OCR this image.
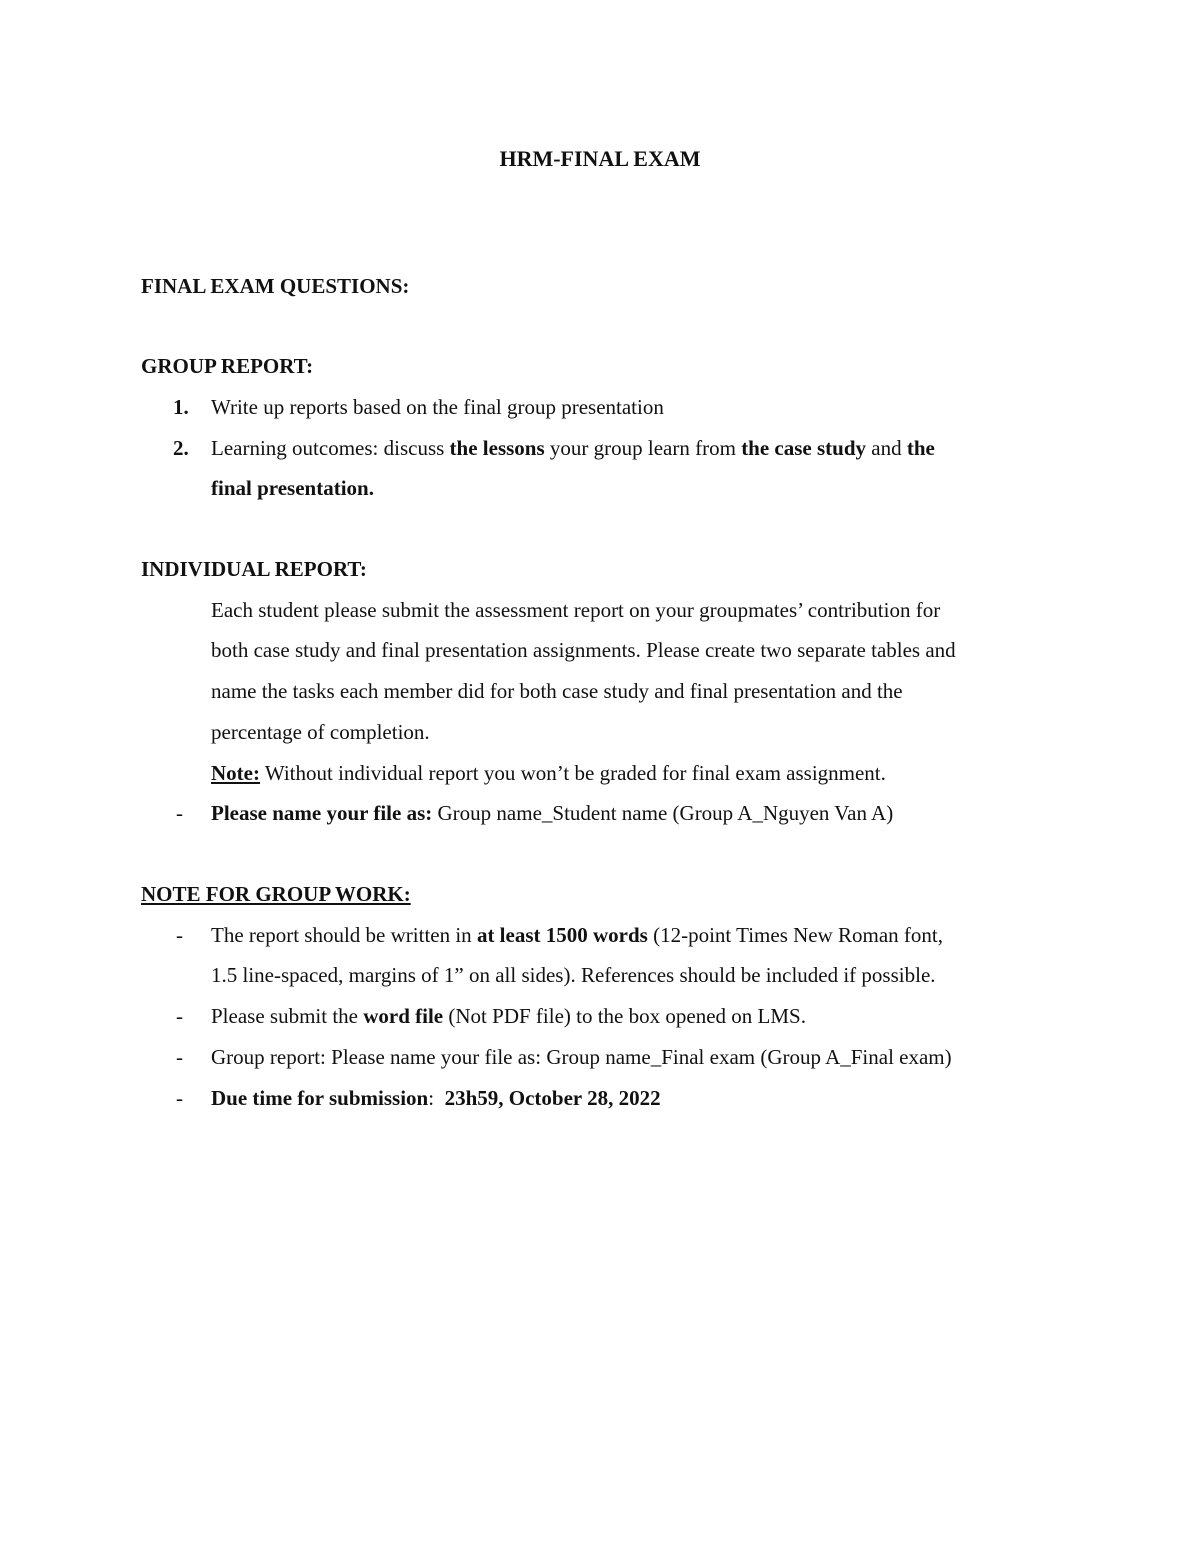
HRM-FINAL EXAM
FINAL EXAM QUESTIONS:
GROUP REPORT:
1. Write up reports based on the final group presentation
2. Learning outcomes: discuss the lessons your group learn from the case study and the
final presentation.
INDIVIDUAL REPORT:
Each student please submit the assessment report on your groupmates’ contribution for
both case study and final presentation assignments. Please create two separate tables and
name the tasks each member did for both case study and final presentation and the
percentage of completion.
Note: Without individual report you won’t be graded for final exam assignment.
- Please name your file as: Group name_Student name (Group A_Nguyen Van A)
NOTE FOR GROUP WORK:
- The report should be written in at least 1500 words (12-point Times New Roman font,
1.5 line-spaced, margins of 1” on all sides). References should be included if possible.
- Please submit the word file (Not PDF file) to the box opened on LMS.
- Group report: Please name your file as: Group name_Final exam (Group A_Final exam)
- Due time for submission:  23h59, October 28, 2022
